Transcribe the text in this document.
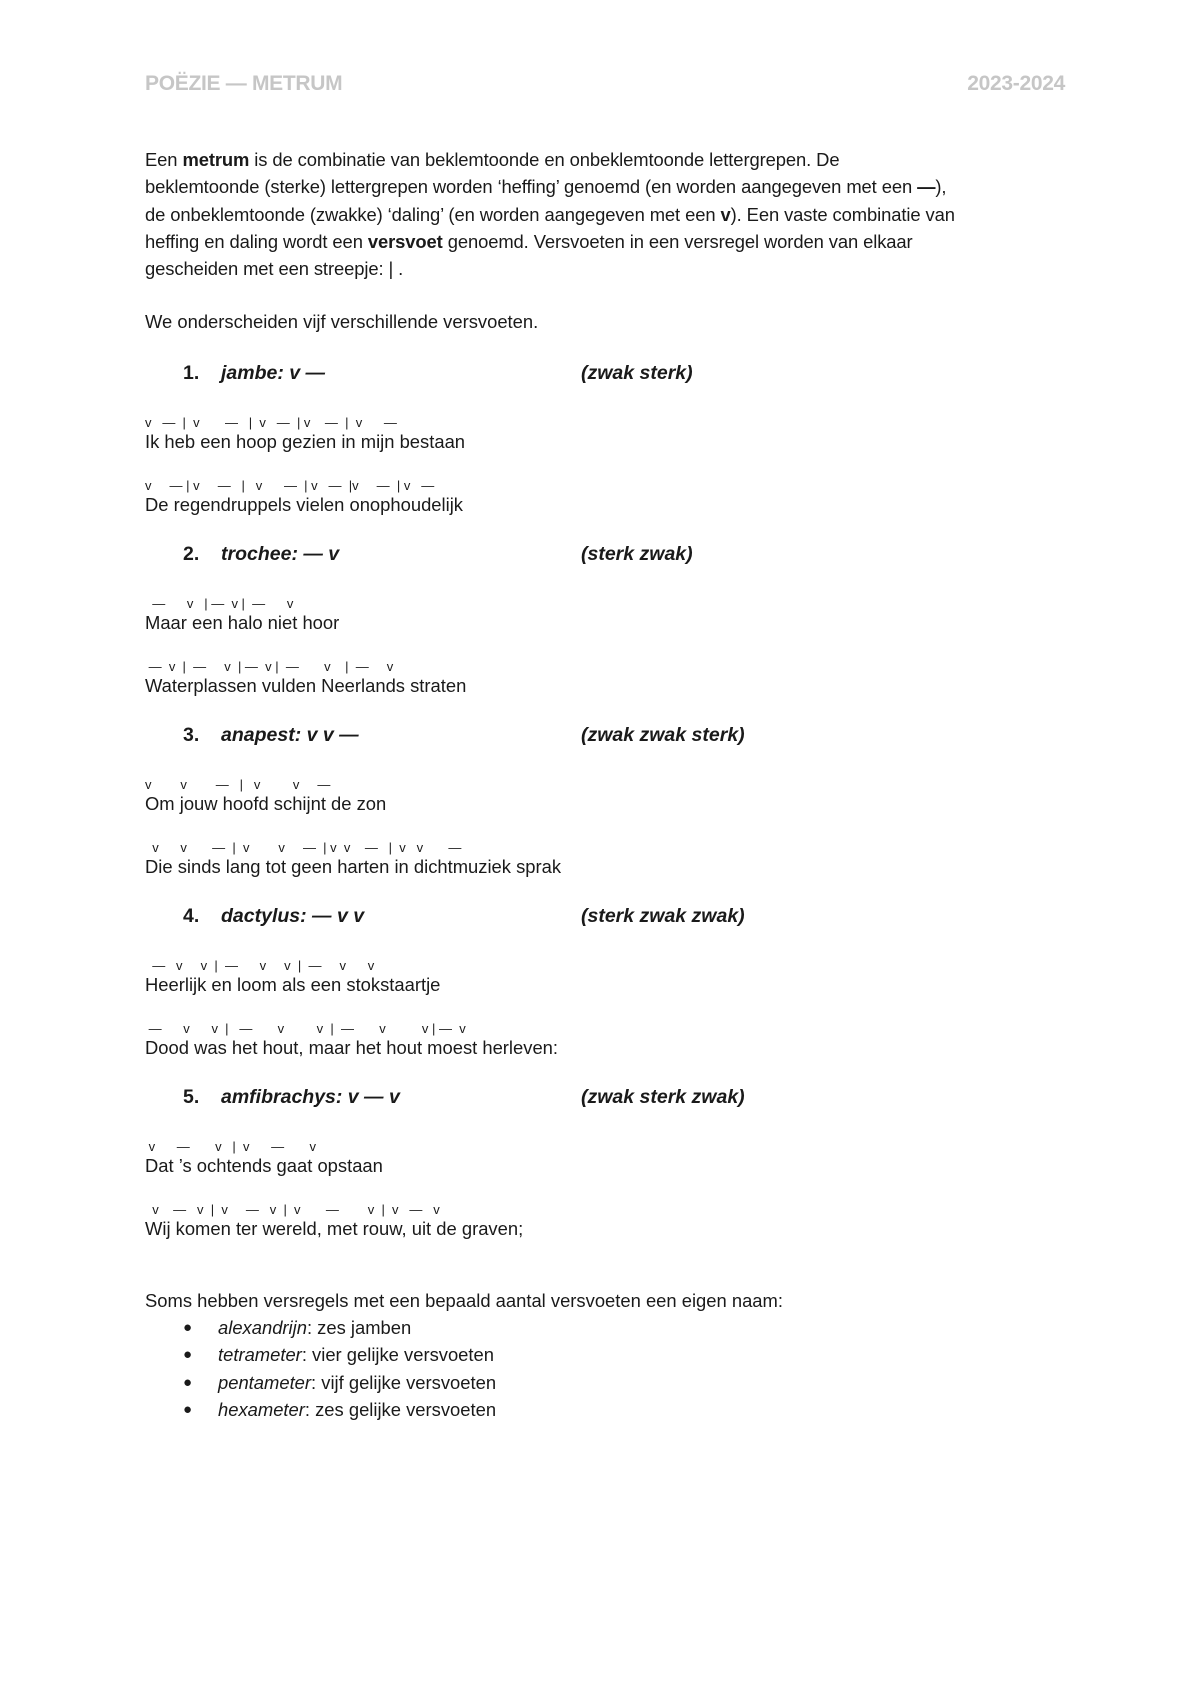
POËZIE — METRUM	2023-2024

Een metrum is de combinatie van beklemtoonde en onbeklemtoonde lettergrepen. De
beklemtoonde (sterke) lettergrepen worden ‘heffing’ genoemd (en worden aangegeven met een —),
de onbeklemtoonde (zwakke) ‘daling’ (en worden aangegeven met een v). Een vaste combinatie van
heffing en daling wordt een versvoet genoemd. Versvoeten in een versregel worden van elkaar
gescheiden met een streepje: | .

We onderscheiden vijf verschillende versvoeten.

1.	jambe: v —	(zwak sterk)
v   —  |  v       —   |  v   —  | v    —  |  v      —
Ik heb een hoop gezien in mijn bestaan
v     — | v     —   |   v      —  | v   —  |v     —  | v   —
De regendruppels vielen onophoudelijk
2.	trochee: — v	(sterk zwak)
—      v   | —  v |  —      v
Maar een halo niet hoor
—  v  |  —     v  | —  v |  —       v    |  —     v
Waterplassen vulden Neerlands straten
3.	anapest: v v —	(zwak zwak sterk)
v        v        —   |   v         v     —
Om jouw hoofd schijnt de zon
v      v       —  |  v        v     —  | v  v    —   |  v   v       —
Die sinds lang tot geen harten in dichtmuziek sprak
4.	dactylus: — v v	(sterk zwak zwak)
—   v     v  |  —      v     v  |  —     v      v
Heerlijk en loom als een stokstaartje
—      v      v  |   —       v         v  |  —       v          v | —  v
Dood was het hout, maar het hout moest herleven:
5.	amfibrachys: v — v	(zwak sterk zwak)
v      —       v   |  v      —       v
Dat ’s ochtends gaat opstaan
v    —   v  |  v     —   v  |  v       —        v  |  v   —   v
Wij komen ter wereld, met rouw, uit de graven;

Soms hebben versregels met een bepaald aantal versvoeten een eigen naam:

●	alexandrijn: zes jamben
●	tetrameter: vier gelijke versvoeten
●	pentameter: vijf gelijke versvoeten
●	hexameter: zes gelijke versvoeten
